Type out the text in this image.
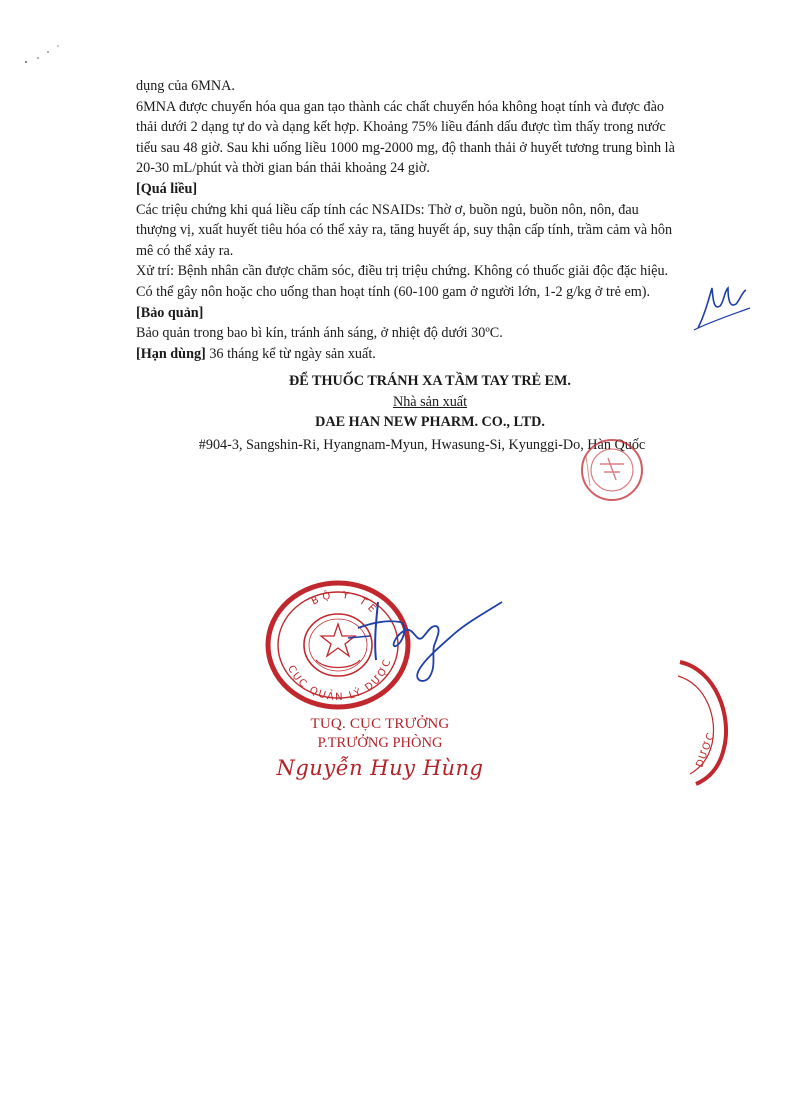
dụng của 6MNA.
6MNA được chuyển hóa qua gan tạo thành các chất chuyển hóa không hoạt tính và được đào
thải dưới 2 dạng tự do và dạng kết hợp. Khoảng 75% liều đánh dấu được tìm thấy trong nước
tiểu sau 48 giờ. Sau khi uống liều 1000 mg-2000 mg, độ thanh thải ở huyết tương trung bình là
20-30 mL/phút và thời gian bán thải khoảng 24 giờ.
[Quá liều]
Các triệu chứng khi quá liều cấp tính các NSAIDs: Thờ ơ, buồn ngủ, buồn nôn, nôn, đau
thượng vị, xuất huyết tiêu hóa có thể xảy ra, tăng huyết áp, suy thận cấp tính, trầm cảm và hôn
mê có thể xảy ra.
Xử trí: Bệnh nhân cần được chăm sóc, điều trị triệu chứng. Không có thuốc giải độc đặc hiệu.
Có thể gây nôn hoặc cho uống than hoạt tính (60-100 gam ở người lớn, 1-2 g/kg ở trẻ em).
[Bảo quản]
Bảo quản trong bao bì kín, tránh ánh sáng, ở nhiệt độ dưới 30ºC.
[Hạn dùng] 36 tháng kể từ ngày sản xuất.
ĐỂ THUỐC TRÁNH XA TẦM TAY TRẺ EM.
Nhà sản xuất
DAE HAN NEW PHARM. CO., LTD.
#904-3, Sangshin-Ri, Hyangnam-Myun, Hwasung-Si, Kyunggi-Do, Hàn Quốc
BỘ Y TẾ
CỤC QUẢN LÝ DƯỢC
DƯỢC
TUQ. CỤC TRƯỞNG
P.TRƯỞNG PHÒNG
Nguyễn Huy Hùng
